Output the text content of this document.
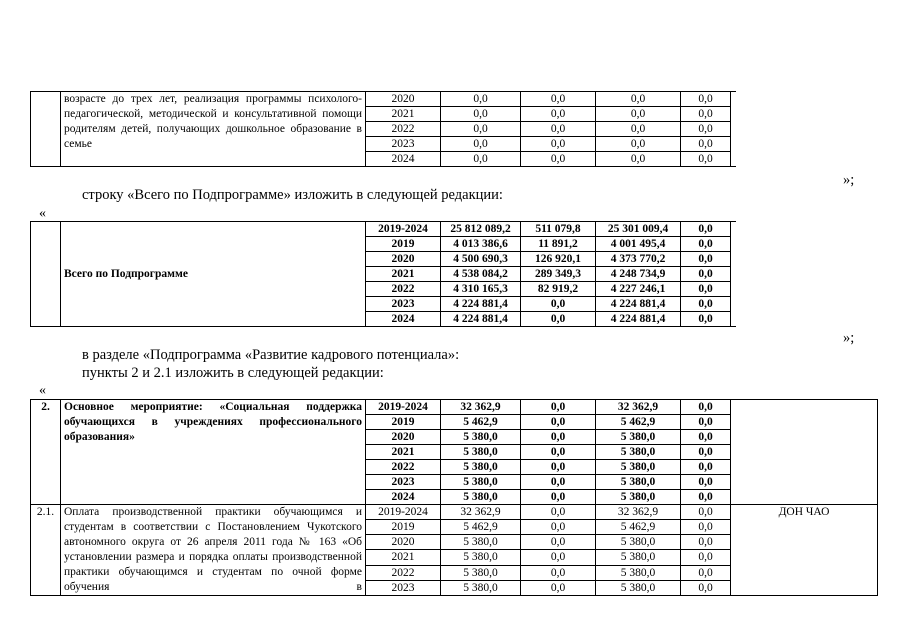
	возрасте до трех лет, реализация программы психолого-педагогической, методической и консультативной помощи родителям детей, получающих дошкольное образование в семье	2020	0,0	0,0	0,0	0,0	
		2021	0,0	0,0	0,0	0,0	
		2022	0,0	0,0	0,0	0,0	
		2023	0,0	0,0	0,0	0,0	
		2024	0,0	0,0	0,0	0,0	
»;
строку «Всего по Подпрограмме» изложить в следующей редакции:
«
	Всего по Подпрограмме	2019-2024	25 812 089,2	511 079,8	25 301 009,4	0,0	
		2019	4 013 386,6	11 891,2	4 001 495,4	0,0	
		2020	4 500 690,3	126 920,1	4 373 770,2	0,0	
		2021	4 538 084,2	289 349,3	4 248 734,9	0,0	
		2022	4 310 165,3	82 919,2	4 227 246,1	0,0	
		2023	4 224 881,4	0,0	4 224 881,4	0,0	
		2024	4 224 881,4	0,0	4 224 881,4	0,0	
»;
в разделе «Подпрограмма «Развитие кадрового потенциала»:
пункты 2 и 2.1 изложить в следующей редакции:
«
2.	Основное мероприятие: «Социальная поддержка обучающихся в учреждениях профессионального образования»	2019-2024	32 362,9	0,0	32 362,9	0,0	
		2019	5 462,9	0,0	5 462,9	0,0	
		2020	5 380,0	0,0	5 380,0	0,0	
		2021	5 380,0	0,0	5 380,0	0,0	
		2022	5 380,0	0,0	5 380,0	0,0	
		2023	5 380,0	0,0	5 380,0	0,0	
		2024	5 380,0	0,0	5 380,0	0,0	
2.1.	Оплата производственной практики обучающимся и студентам в соответствии с Постановлением Чукотского автономного округа от 26 апреля 2011 года № 163 «Об установлении размера и порядка оплаты производственной практики обучающимся и студентам по очной форме обучения в	2019-2024	32 362,9	0,0	32 362,9	0,0	ДОН ЧАО
		2019	5 462,9	0,0	5 462,9	0,0	
		2020	5 380,0	0,0	5 380,0	0,0	
		2021	5 380,0	0,0	5 380,0	0,0	
		2022	5 380,0	0,0	5 380,0	0,0	
		2023	5 380,0	0,0	5 380,0	0,0	
